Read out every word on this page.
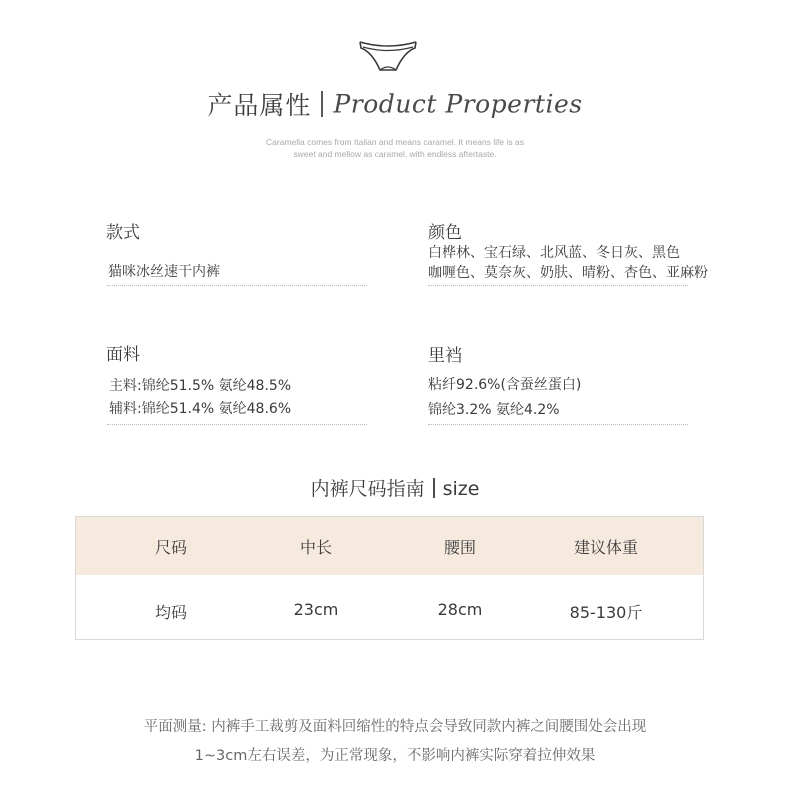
产品属性 Product Properties
Caramella comes from Italian and means caramel. It means life is as
sweet and mellow as caramel, with endless aftertaste.
款式
猫咪冰丝速干内裤
颜色
白桦林、宝石绿、北风蓝、冬日灰、黑色
咖喱色、莫奈灰、奶肤、晴粉、杏色、亚麻粉
面料
主料:锦纶51.5% 氨纶48.5%
辅料:锦纶51.4% 氨纶48.6%
里裆
粘纤92.6%(含蚕丝蛋白)
锦纶3.2% 氨纶4.2%
内裤尺码指南 size
尺码	中长	腰围	建议体重
均码	23cm	28cm	85-130斤
平面测量: 内裤手工裁剪及面料回缩性的特点会导致同款内裤之间腰围处会出现
1~3cm左右误差，为正常现象，不影响内裤实际穿着拉伸效果
